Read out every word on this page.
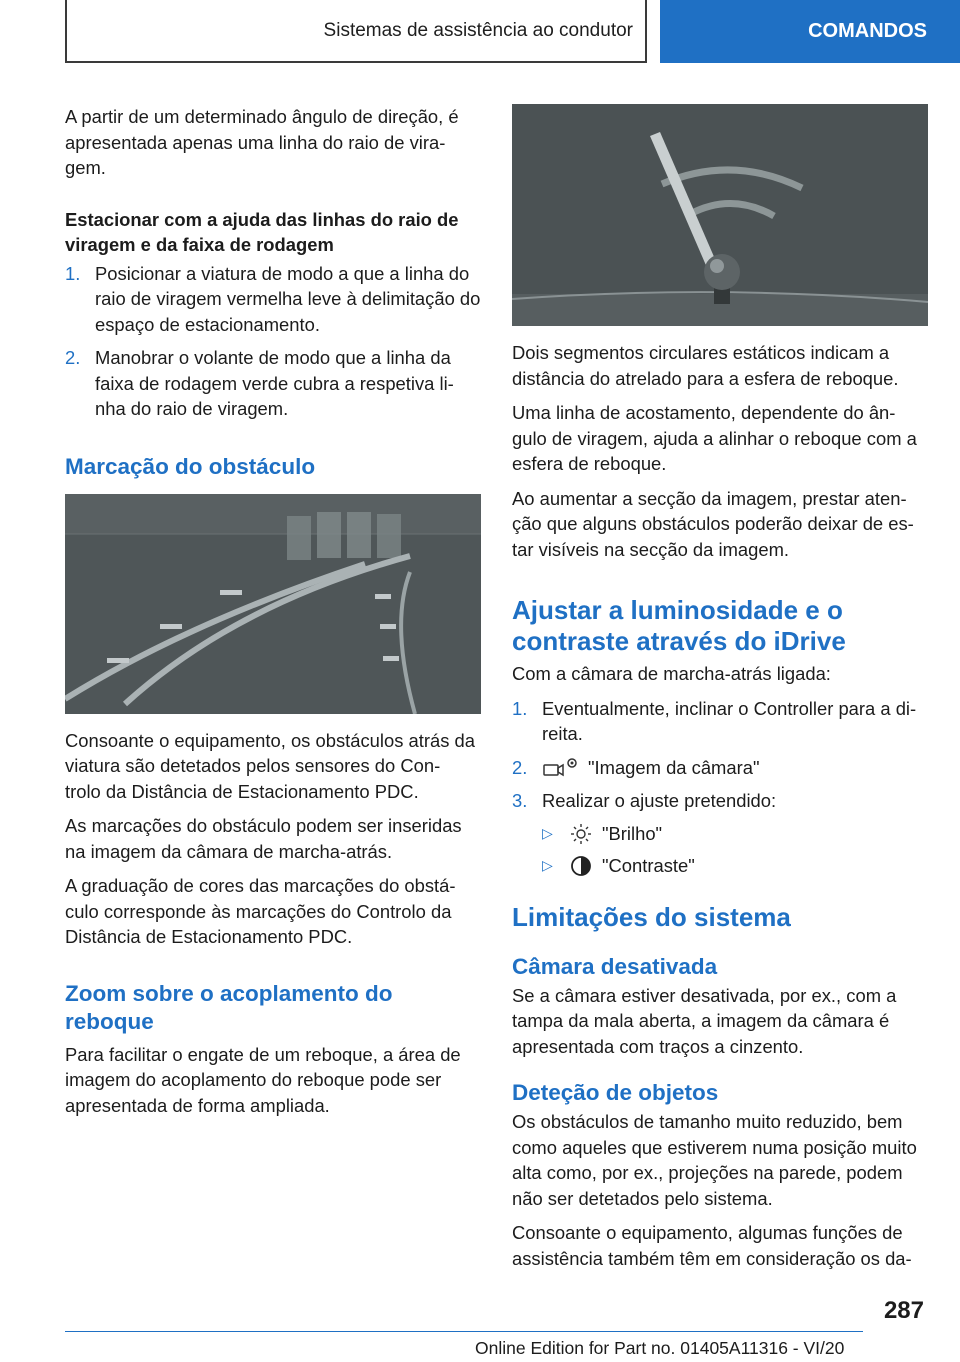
Sistemas de assistência ao condutor	COMANDOS

A partir de um determinado ângulo de direção, é apresentada apenas uma linha do raio de vira- gem.

Estacionar com a ajuda das linhas do raio de viragem e da faixa de rodagem
1. Posicionar a viatura de modo a que a linha do raio de viragem vermelha leve à delimitação do espaço de estacionamento.
2. Manobrar o volante de modo que a linha da faixa de rodagem verde cubra a respetiva li- nha do raio de viragem.
Marcação do obstáculo

Consoante o equipamento, os obstáculos atrás da viatura são detetados pelos sensores do Con- trolo da Distância de Estacionamento PDC.

As marcações do obstáculo podem ser inseridas na imagem da câmara de marcha-atrás.

A graduação de cores das marcações do obstá- culo corresponde às marcações do Controlo da Distância de Estacionamento PDC.

Zoom sobre o acoplamento do reboque

Para facilitar o engate de um reboque, a área de imagem do acoplamento do reboque pode ser apresentada de forma ampliada.

Dois segmentos circulares estáticos indicam a distância do atrelado para a esfera de reboque.

Uma linha de acostamento, dependente do ân- gulo de viragem, ajuda a alinhar o reboque com a esfera de reboque.

Ao aumentar a secção da imagem, prestar aten- ção que alguns obstáculos poderão deixar de es- tar visíveis na secção da imagem.

Ajustar a luminosidade e o contraste através do iDrive

Com a câmara de marcha-atrás ligada:

1. Eventualmente, inclinar o Controller para a di- reita.
2.	"Imagem da câmara"
3. Realizar o ajuste pretendido:
▷	"Brilho"
▷	"Contraste"
Limitações do sistema
Câmara desativada

Se a câmara estiver desativada, por ex., com a tampa da mala aberta, a imagem da câmara é apresentada com traços a cinzento.

Deteção de objetos

Os obstáculos de tamanho muito reduzido, bem como aqueles que estiverem numa posição muito alta como, por ex., projeções na parede, podem não ser detetados pelo sistema.

Consoante o equipamento, algumas funções de assistência também têm em consideração os da-

287
Online Edition for Part no. 01405A11316 - VI/20
